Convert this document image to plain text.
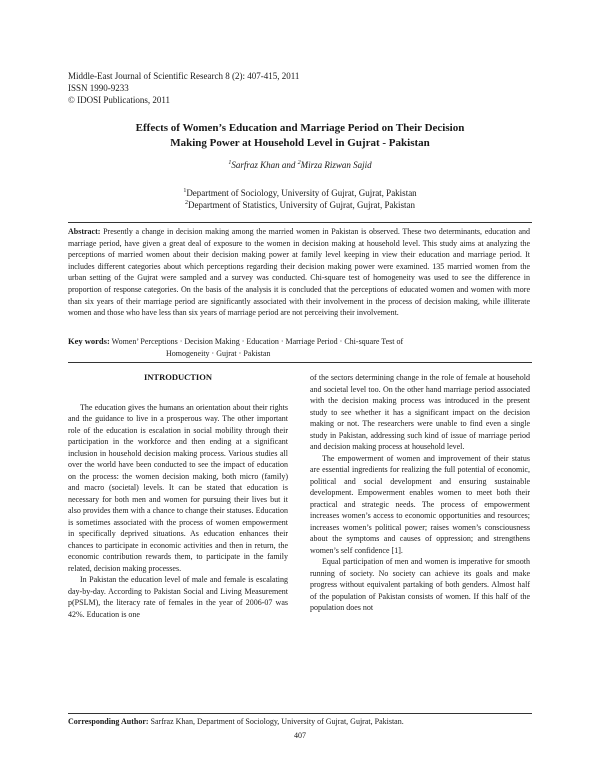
Middle-East Journal of Scientific Research 8 (2): 407-415, 2011
ISSN 1990-9233
© IDOSI Publications, 2011
Effects of Women’s Education and Marriage Period on Their Decision
Making Power at Household Level in Gujrat - Pakistan
$^1$Sarfraz Khan and $^2$Mirza Rizwan Sajid
$^1$Department of Sociology, University of Gujrat, Gujrat, Pakistan
$^2$Department of Statistics, University of Gujrat, Gujrat, Pakistan
Abstract: Presently a change in decision making among the married women in Pakistan is observed. These two determinants, education and marriage period, have given a great deal of exposure to the women in decision making at household level. This study aims at analyzing the perceptions of married women about their decision making power at family level keeping in view their education and marriage period. It includes different categories about which perceptions regarding their decision making power were examined. 135 married women from the urban setting of the Gujrat were sampled and a survey was conducted. Chi-square test of homogeneity was used to see the difference in proportion of response categories. On the basis of the analysis it is concluded that the perceptions of educated women and women with more than six years of their marriage period are significantly associated with their involvement in the process of decision making, while illiterate women and those who have less than six years of marriage period are not perceiving their involvement.
Key words: Women’ Perceptions · Decision Making · Education · Marriage Period · Chi-square Test of
Homogeneity · Gujrat · Pakistan
INTRODUCTION

The education gives the humans an orientation about their rights and the guidance to live in a prosperous way. The other important role of the education is escalation in social mobility through their participation in the workforce and then ending at a significant inclusion in household decision making process. Various studies all over the world have been conducted to see the impact of education on the process: the women decision making, both micro (family) and macro (societal) levels. It can be stated that education is necessary for both men and women for pursuing their lives but it also provides them with a chance to change their statuses. Education is sometimes associated with the process of women empowerment in specifically deprived situations. As education enhances their chances to participate in economic activities and then in return, the economic contribution rewards them, to participate in the family related, decision making processes.

In Pakistan the education level of male and female is escalating day-by-day. According to Pakistan Social and Living Measurement p(PSLM), the literacy rate of females in the year of 2006-07 was 42%. Education is one

of the sectors determining change in the role of female at household and societal level too. On the other hand marriage period associated with the decision making process was introduced in the present study to see whether it has a significant impact on the decision making or not. The researchers were unable to find even a single study in Pakistan, addressing such kind of issue of marriage period and decision making process at household level.

The empowerment of women and improvement of their status are essential ingredients for realizing the full potential of economic, political and social development and ensuring sustainable development. Empowerment enables women to meet both their practical and strategic needs. The process of empowerment increases women’s access to economic opportunities and resources; increases women’s political power; raises women’s consciousness about the symptoms and causes of oppression; and strengthens women’s self confidence [1].

Equal participation of men and women is imperative for smooth running of society. No society can achieve its goals and make progress without equivalent partaking of both genders. Almost half of the population of Pakistan consists of women. If this half of the population does not

Corresponding Author: Sarfraz Khan, Department of Sociology, University of Gujrat, Gujrat, Pakistan.
407
